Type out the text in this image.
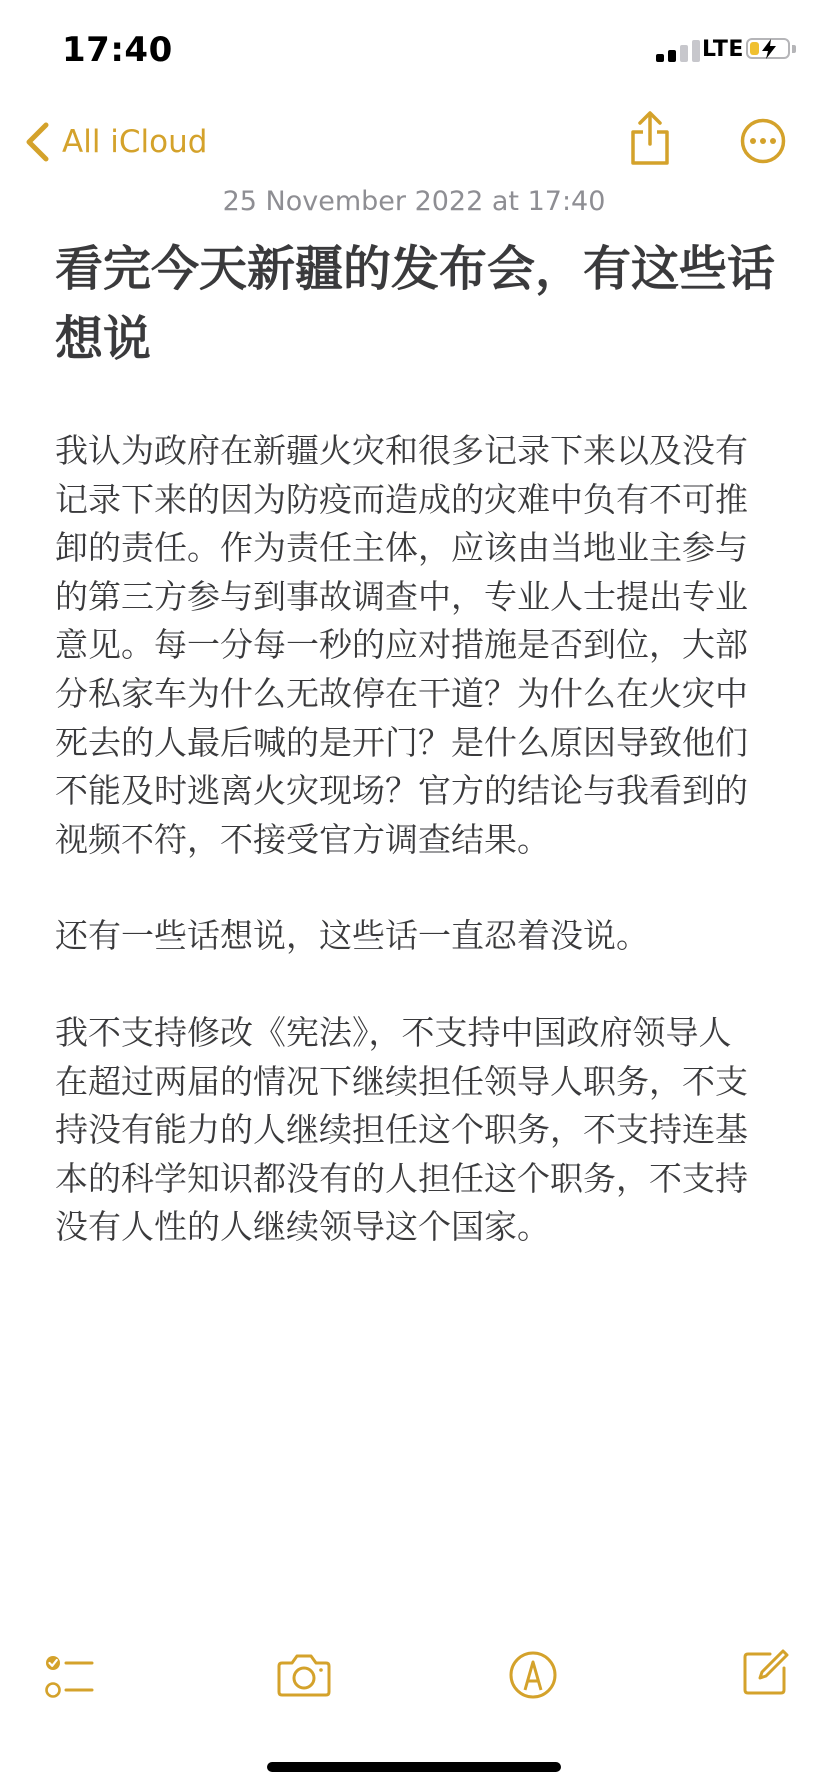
17:40	LTE
All iCloud
25 November 2022 at 17:40
看完今天新疆的发布会，有这些话想说

我认为政府在新疆火灾和很多记录下来以及没有记录下来的因为防疫而造成的灾难中负有不可推卸的责任。作为责任主体，应该由当地业主参与的第三方参与到事故调查中，专业人士提出专业意见。每一分每一秒的应对措施是否到位，大部分私家车为什么无故停在干道？为什么在火灾中死去的人最后喊的是开门？是什么原因导致他们不能及时逃离火灾现场？官方的结论与我看到的视频不符，不接受官方调查结果。

还有一些话想说，这些话一直忍着没说。

我不支持修改《宪法》，不支持中国政府领导人在超过两届的情况下继续担任领导人职务，不支持没有能力的人继续担任这个职务，不支持连基本的科学知识都没有的人担任这个职务，不支持没有人性的人继续领导这个国家。
